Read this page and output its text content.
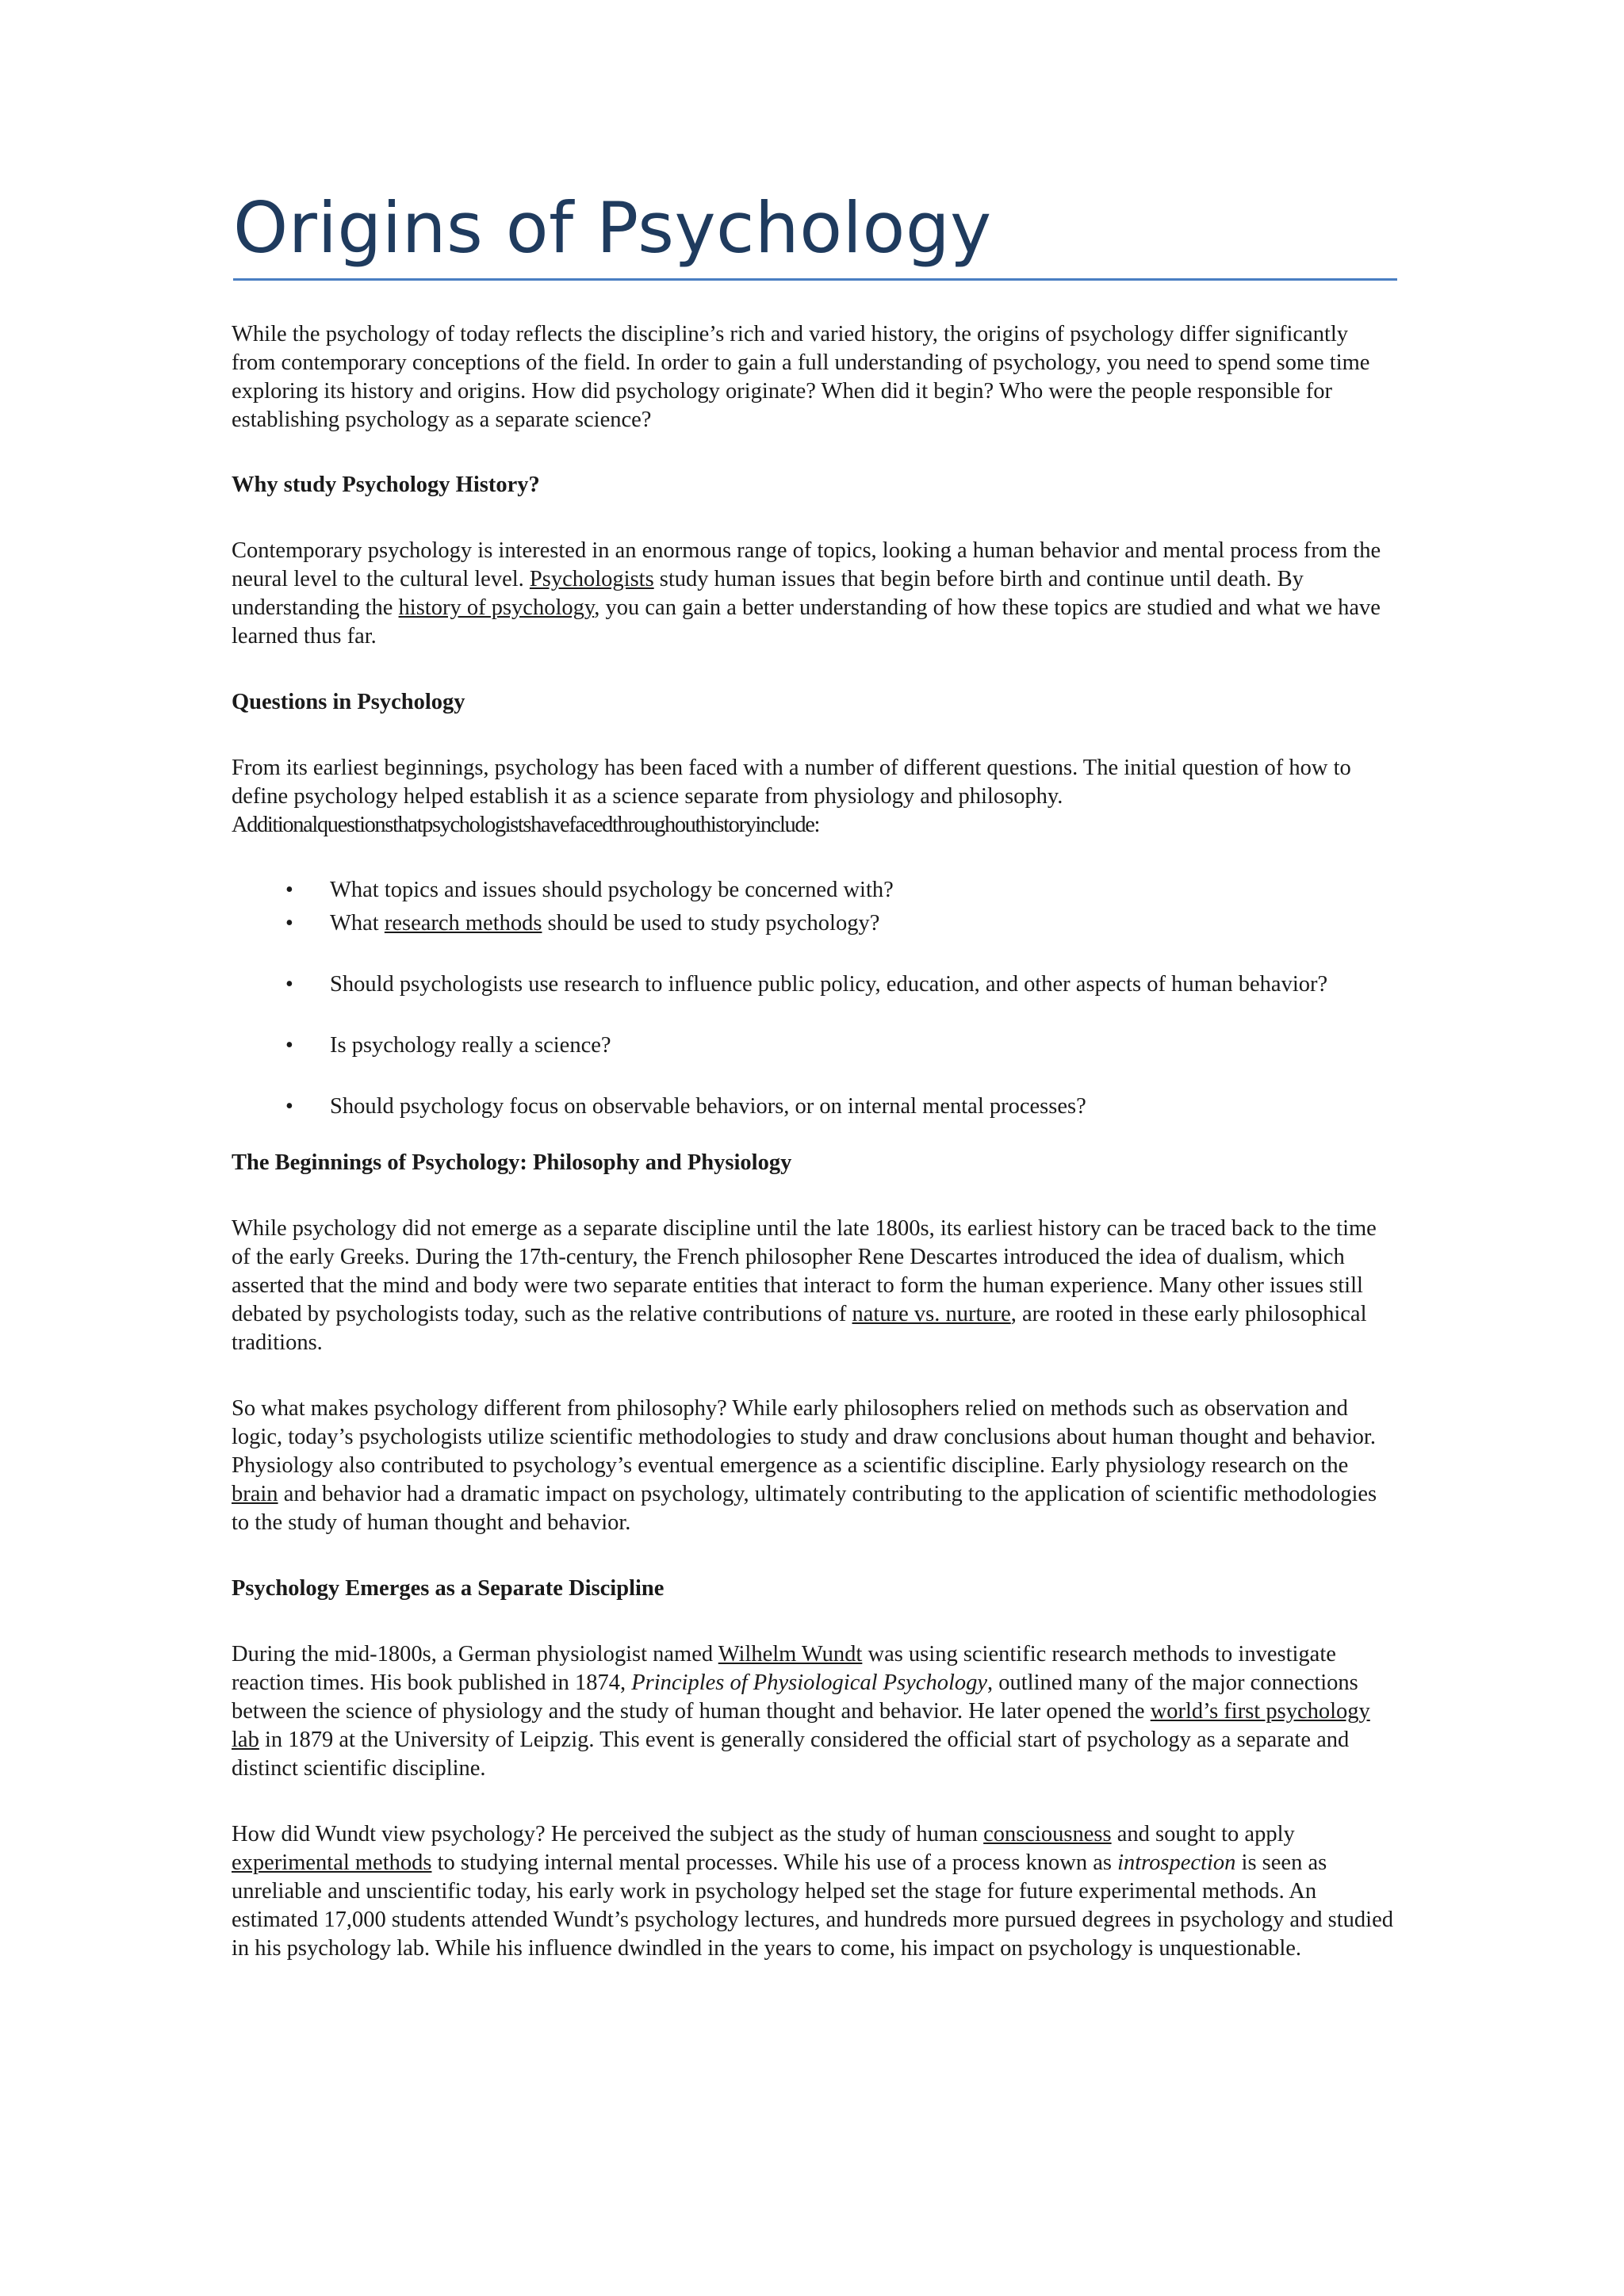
Origins of Psychology

While the psychology of today reflects the discipline’s rich and varied history, the origins of psychology differ significantly from contemporary conceptions of the field. In order to gain a full understanding of psychology, you need to spend some time exploring its history and origins. How did psychology originate? When did it begin? Who were the people responsible for establishing psychology as a separate science?

Why study Psychology History?

Contemporary psychology is interested in an enormous range of topics, looking a human behavior and mental process from the neural level to the cultural level. Psychologists study human issues that begin before birth and continue until death. By understanding the history of psychology, you can gain a better understanding of how these topics are studied and what we have learned thus far.

Questions in Psychology

From its earliest beginnings, psychology has been faced with a number of different questions. The initial question of how to define psychology helped establish it as a science separate from physiology and philosophy.
Additionalquestionsthatpsychologistshavefacedthroughouthistoryinclude:

• What topics and issues should psychology be concerned with?
• What research methods should be used to study psychology?
• Should psychologists use research to influence public policy, education, and other aspects of human behavior?
• Is psychology really a science?
• Should psychology focus on observable behaviors, or on internal mental processes?

The Beginnings of Psychology: Philosophy and Physiology

While psychology did not emerge as a separate discipline until the late 1800s, its earliest history can be traced back to the time of the early Greeks. During the 17th-century, the French philosopher Rene Descartes introduced the idea of dualism, which asserted that the mind and body were two separate entities that interact to form the human experience. Many other issues still debated by psychologists today, such as the relative contributions of nature vs. nurture, are rooted in these early philosophical traditions.

So what makes psychology different from philosophy? While early philosophers relied on methods such as observation and logic, today’s psychologists utilize scientific methodologies to study and draw conclusions about human thought and behavior. Physiology also contributed to psychology’s eventual emergence as a scientific discipline. Early physiology research on the brain and behavior had a dramatic impact on psychology, ultimately contributing to the application of scientific methodologies to the study of human thought and behavior.

Psychology Emerges as a Separate Discipline

During the mid-1800s, a German physiologist named Wilhelm Wundt was using scientific research methods to investigate reaction times. His book published in 1874, Principles of Physiological Psychology, outlined many of the major connections between the science of physiology and the study of human thought and behavior. He later opened the world’s first psychology lab in 1879 at the University of Leipzig. This event is generally considered the official start of psychology as a separate and distinct scientific discipline.

How did Wundt view psychology? He perceived the subject as the study of human consciousness and sought to apply experimental methods to studying internal mental processes. While his use of a process known as introspection is seen as unreliable and unscientific today, his early work in psychology helped set the stage for future experimental methods. An estimated 17,000 students attended Wundt’s psychology lectures, and hundreds more pursued degrees in psychology and studied in his psychology lab. While his influence dwindled in the years to come, his impact on psychology is unquestionable.
